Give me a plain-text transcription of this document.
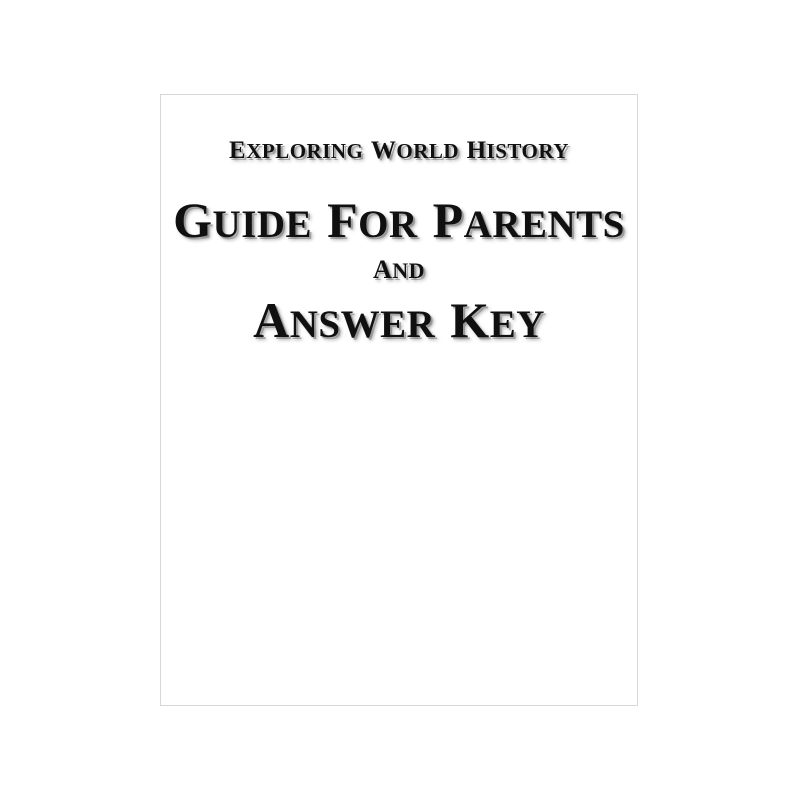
EXPLORING WORLD HISTORY
GUIDE FOR PARENTS
AND
ANSWER KEY
